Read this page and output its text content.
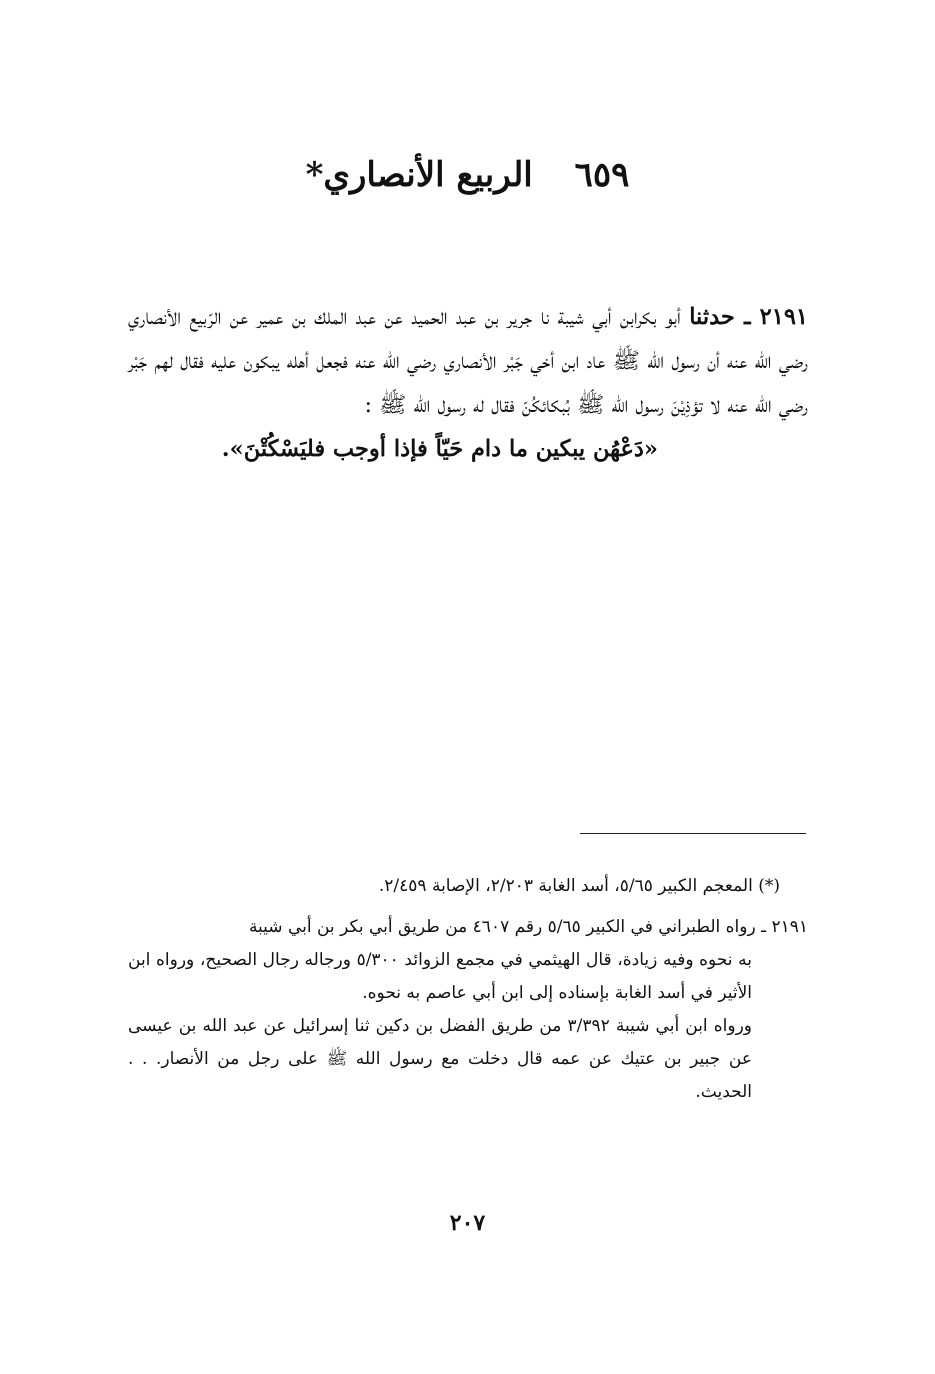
٦٥٩ الربيع الأنصاري*

٢١٩١ ـ حدثنا أبو بكرابن أبي شيبة نا جرير بن عبد الحميد عن عبد الملك بن عمير عن الرّبيع الأنصاري رضي الله عنه أن رسول الله ﷺ عاد ابن أخي جَبْر الأنصاري رضي الله عنه فجعل أهله يبكون عليه فقال لهم جَبْر رضي الله عنه لا تؤذِيْنَ رسول الله ﷺ بُبكائكُنّ فقال له رسول الله ﷺ :

«دَعْهُن يبكين ما دام حَيّاً فإذا أوجب فليَسْكُتْنَ».

(*) المعجم الكبير ٥/٦٥، أسد الغابة ٢/٢٠٣، الإصابة ٢/٤٥٩.

٢١٩١ ـ رواه الطبراني في الكبير ٥/٦٥ رقم ٤٦٠٧ من طريق أبي بكر بن أبي شيبة
به نحوه وفيه زيادة، قال الهيثمي في مجمع الزوائد ٥/٣٠٠ ورجاله رجال الصحيح، ورواه ابن الأثير في أسد الغابة بإسناده إلى ابن أبي عاصم به نحوه.

ورواه ابن أبي شيبة ٣/٣٩٢ من طريق الفضل بن دكين ثنا إسرائيل عن عبد الله بن عيسى عن جبير بن عتيك عن عمه قال دخلت مع رسول الله ﷺ على رجل من الأنصار. . . الحديث.

٢٠٧
